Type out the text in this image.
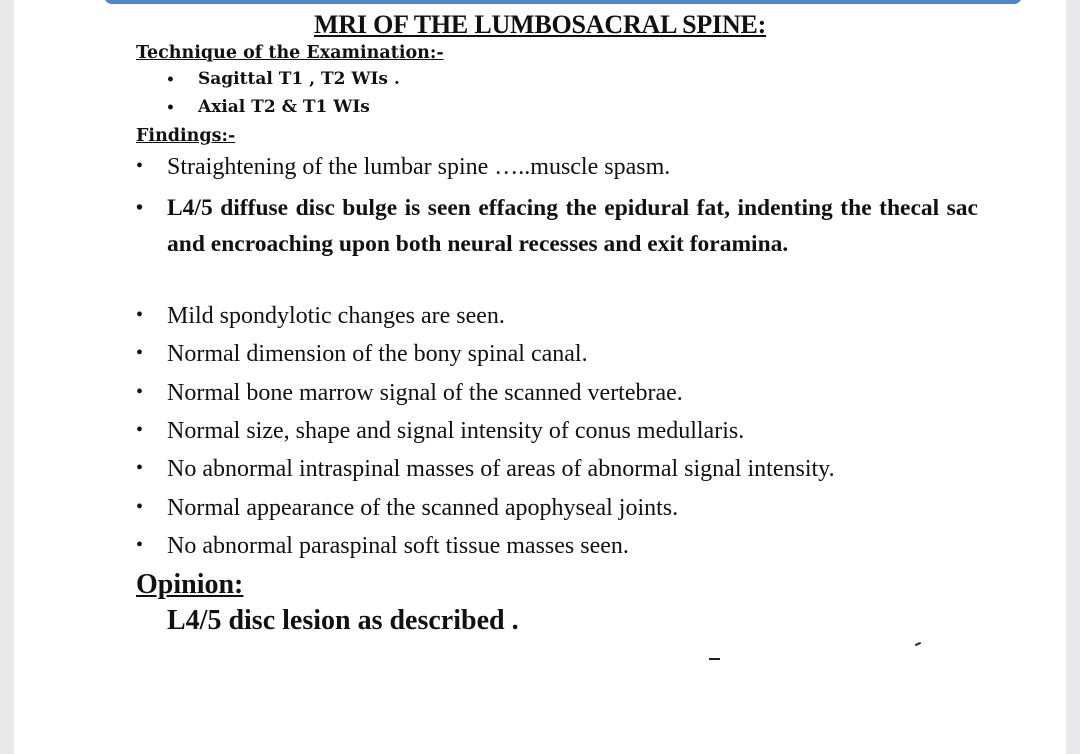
MRI OF THE LUMBOSACRAL SPINE:

Technique of the Examination:-

• Sagittal T1 , T2 WIs .
• Axial T2 & T1 WIs

Findings:-

• Straightening of the lumbar spine …..muscle spasm.
• L4/5 diffuse disc bulge is seen effacing the epidural fat, indenting the thecal sac and encroaching upon both neural recesses and exit foramina.
• Mild spondylotic changes are seen.
• Normal dimension of the bony spinal canal.
• Normal bone marrow signal of the scanned vertebrae.
• Normal size, shape and signal intensity of conus medullaris.
• No abnormal intraspinal masses of areas of abnormal signal intensity.
• Normal appearance of the scanned apophyseal joints.
• No abnormal paraspinal soft tissue masses seen.

Opinion:

L4/5 disc lesion as described .
